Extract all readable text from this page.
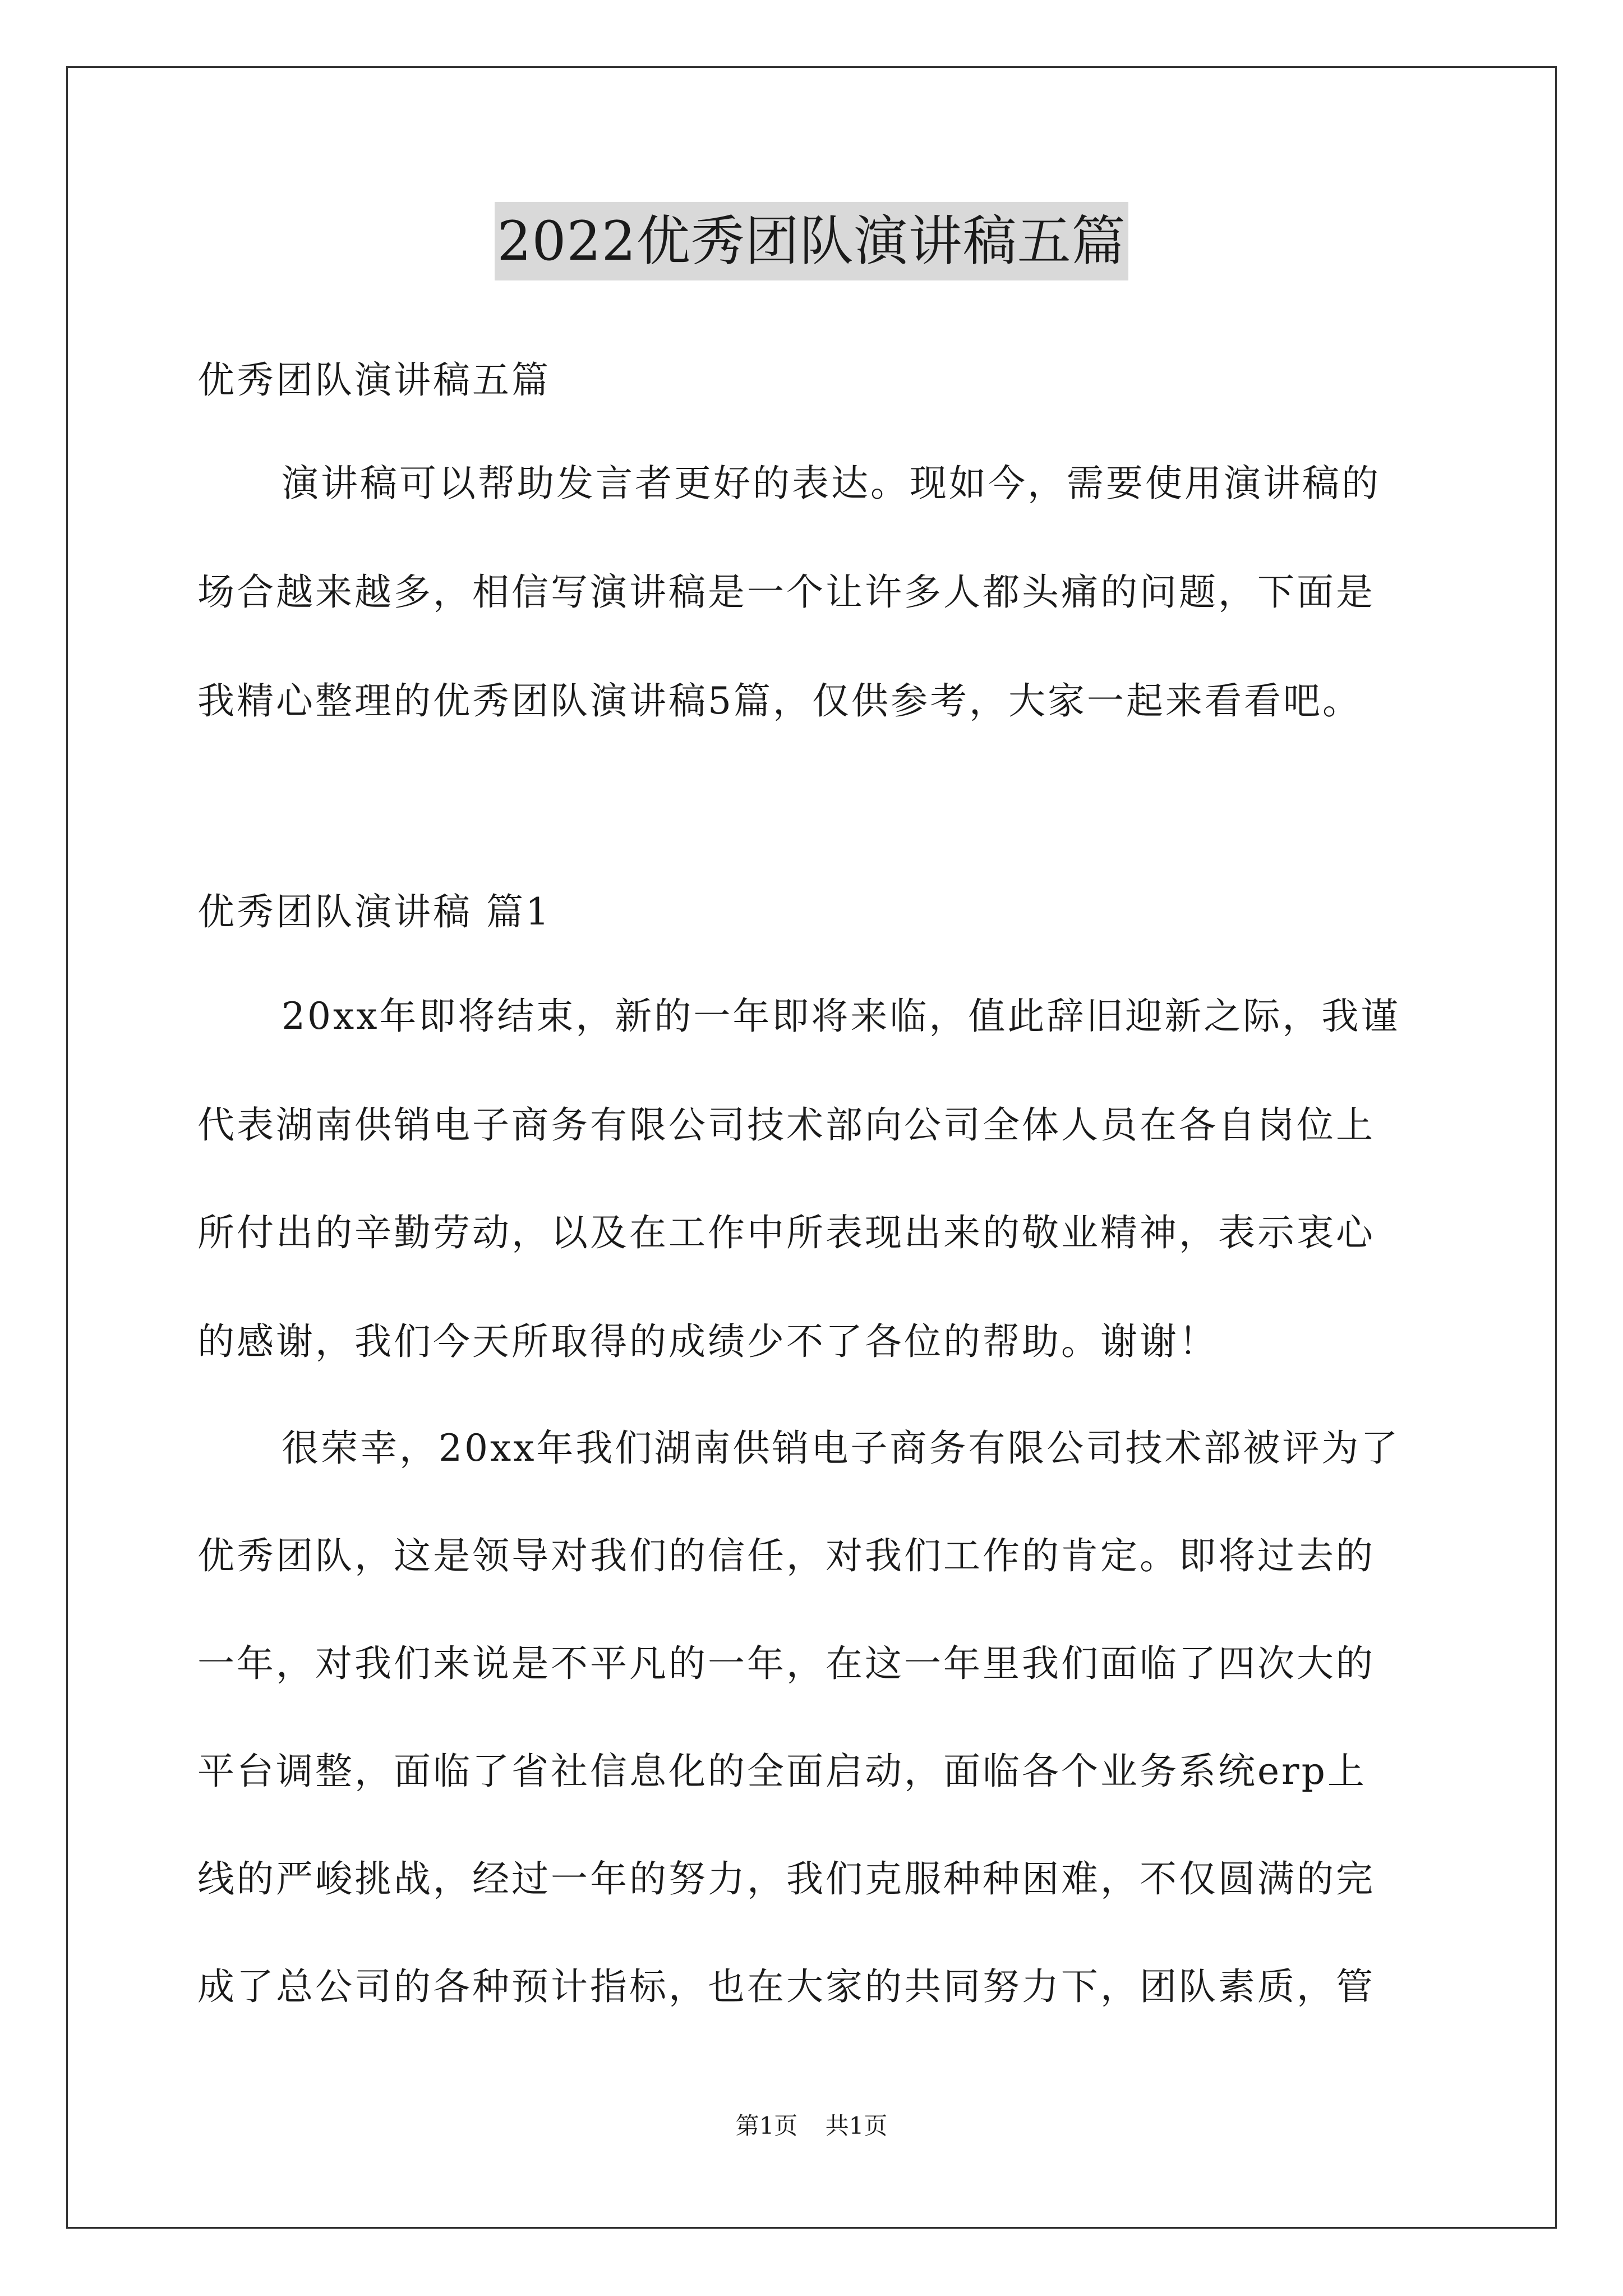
2022优秀团队演讲稿五篇
优秀团队演讲稿五篇
演讲稿可以帮助发言者更好的表达。现如今，需要使用演讲稿的
场合越来越多，相信写演讲稿是一个让许多人都头痛的问题，下面是
我精心整理的优秀团队演讲稿5篇，仅供参考，大家一起来看看吧。
优秀团队演讲稿 篇1
20xx年即将结束，新的一年即将来临，值此辞旧迎新之际，我谨
代表湖南供销电子商务有限公司技术部向公司全体人员在各自岗位上
所付出的辛勤劳动，以及在工作中所表现出来的敬业精神，表示衷心
的感谢，我们今天所取得的成绩少不了各位的帮助。谢谢！
很荣幸，20xx年我们湖南供销电子商务有限公司技术部被评为了
优秀团队，这是领导对我们的信任，对我们工作的肯定。即将过去的
一年，对我们来说是不平凡的一年，在这一年里我们面临了四次大的
平台调整，面临了省社信息化的全面启动，面临各个业务系统erp上
线的严峻挑战，经过一年的努力，我们克服种种困难，不仅圆满的完
成了总公司的各种预计指标，也在大家的共同努力下，团队素质，管
第1页 共1页
